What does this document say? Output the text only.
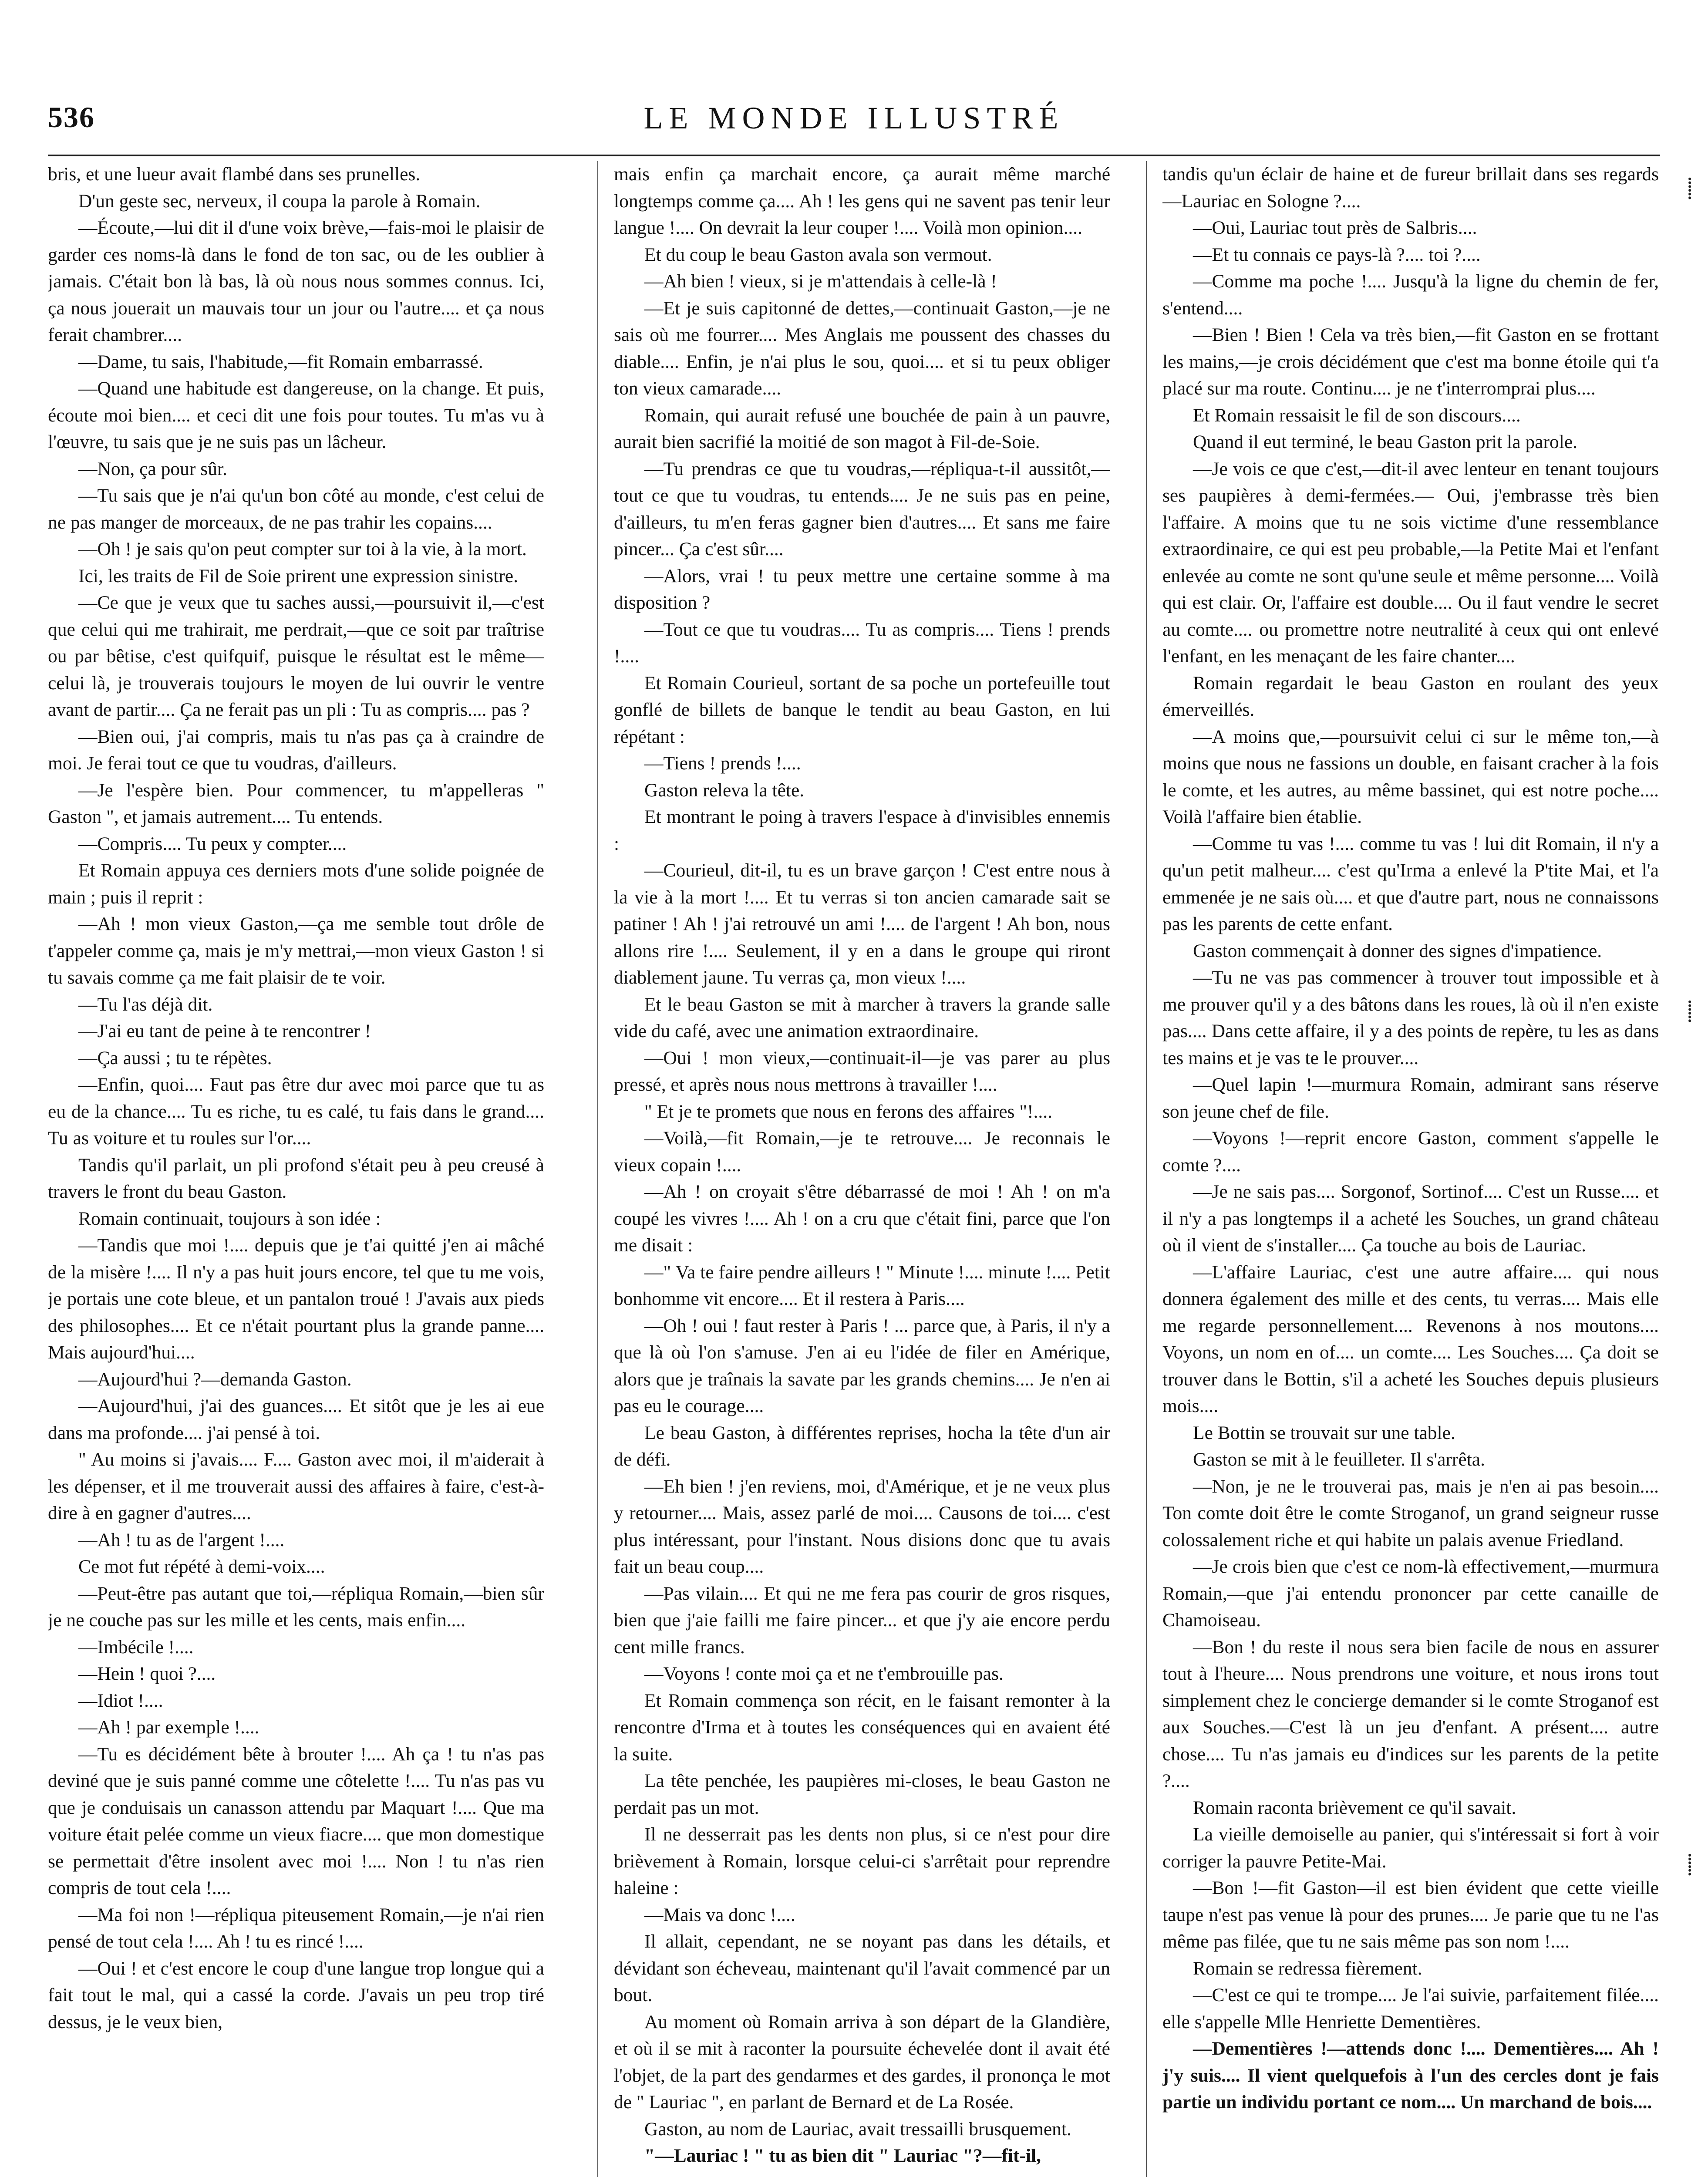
536	LE MONDE ILLUSTRÉ

bris, et une lueur avait flambé dans ses prunelles.

D'un geste sec, nerveux, il coupa la parole à Romain.

—Écoute,—lui dit il d'une voix brève,—fais-moi le plaisir de garder ces noms-là dans le fond de ton sac, ou de les oublier à jamais. C'était bon là bas, là où nous nous sommes connus. Ici, ça nous jouerait un mauvais tour un jour ou l'autre.... et ça nous ferait chambrer....

—Dame, tu sais, l'habitude,—fit Romain embarrassé.

—Quand une habitude est dangereuse, on la change. Et puis, écoute moi bien.... et ceci dit une fois pour toutes. Tu m'as vu à l'œuvre, tu sais que je ne suis pas un lâcheur.

—Non, ça pour sûr.

—Tu sais que je n'ai qu'un bon côté au monde, c'est celui de ne pas manger de morceaux, de ne pas trahir les copains....

—Oh ! je sais qu'on peut compter sur toi à la vie, à la mort.

Ici, les traits de Fil de Soie prirent une expression sinistre.

—Ce que je veux que tu saches aussi,—poursuivit il,—c'est que celui qui me trahirait, me perdrait,—que ce soit par traîtrise ou par bêtise, c'est quifquif, puisque le résultat est le même—celui là, je trouverais toujours le moyen de lui ouvrir le ventre avant de partir.... Ça ne ferait pas un pli : Tu as compris.... pas ?

—Bien oui, j'ai compris, mais tu n'as pas ça à craindre de moi. Je ferai tout ce que tu voudras, d'ailleurs.

—Je l'espère bien. Pour commencer, tu m'appelleras " Gaston ", et jamais autrement.... Tu entends.

—Compris.... Tu peux y compter....

Et Romain appuya ces derniers mots d'une solide poignée de main ; puis il reprit :

—Ah ! mon vieux Gaston,—ça me semble tout drôle de t'appeler comme ça, mais je m'y mettrai,—mon vieux Gaston ! si tu savais comme ça me fait plaisir de te voir.

—Tu l'as déjà dit.

—J'ai eu tant de peine à te rencontrer !

—Ça aussi ; tu te répètes.

—Enfin, quoi.... Faut pas être dur avec moi parce que tu as eu de la chance.... Tu es riche, tu es calé, tu fais dans le grand.... Tu as voiture et tu roules sur l'or....

Tandis qu'il parlait, un pli profond s'était peu à peu creusé à travers le front du beau Gaston.

Romain continuait, toujours à son idée :

—Tandis que moi !.... depuis que je t'ai quitté j'en ai mâché de la misère !.... Il n'y a pas huit jours encore, tel que tu me vois, je portais une cote bleue, et un pantalon troué ! J'avais aux pieds des philosophes.... Et ce n'était pourtant plus la grande panne.... Mais aujourd'hui....

—Aujourd'hui ?—demanda Gaston.

—Aujourd'hui, j'ai des guances.... Et sitôt que je les ai eue dans ma profonde.... j'ai pensé à toi.

" Au moins si j'avais.... F.... Gaston avec moi, il m'aiderait à les dépenser, et il me trouverait aussi des affaires à faire, c'est-à-dire à en gagner d'autres....

—Ah ! tu as de l'argent !....

Ce mot fut répété à demi-voix....

—Peut-être pas autant que toi,—répliqua Romain,—bien sûr je ne couche pas sur les mille et les cents, mais enfin....

—Imbécile !....

—Hein ! quoi ?....

—Idiot !....

—Ah ! par exemple !....

—Tu es décidément bête à brouter !.... Ah ça ! tu n'as pas deviné que je suis panné comme une côtelette !.... Tu n'as pas vu que je conduisais un canasson attendu par Maquart !.... Que ma voiture était pelée comme un vieux fiacre.... que mon domestique se permettait d'être insolent avec moi !.... Non ! tu n'as rien compris de tout cela !....

—Ma foi non !—répliqua piteusement Romain,—je n'ai rien pensé de tout cela !.... Ah ! tu es rincé !....

—Oui ! et c'est encore le coup d'une langue trop longue qui a fait tout le mal, qui a cassé la corde. J'avais un peu trop tiré dessus, je le veux bien,

mais enfin ça marchait encore, ça aurait même marché longtemps comme ça.... Ah ! les gens qui ne savent pas tenir leur langue !.... On devrait la leur couper !.... Voilà mon opinion....

Et du coup le beau Gaston avala son vermout.

—Ah bien ! vieux, si je m'attendais à celle-là !

—Et je suis capitonné de dettes,—continuait Gaston,—je ne sais où me fourrer.... Mes Anglais me poussent des chasses du diable.... Enfin, je n'ai plus le sou, quoi.... et si tu peux obliger ton vieux camarade....

Romain, qui aurait refusé une bouchée de pain à un pauvre, aurait bien sacrifié la moitié de son magot à Fil-de-Soie.

—Tu prendras ce que tu voudras,—répliqua-t-il aussitôt,—tout ce que tu voudras, tu entends.... Je ne suis pas en peine, d'ailleurs, tu m'en feras gagner bien d'autres.... Et sans me faire pincer... Ça c'est sûr....

—Alors, vrai ! tu peux mettre une certaine somme à ma disposition ?

—Tout ce que tu voudras.... Tu as compris.... Tiens ! prends !....

Et Romain Courieul, sortant de sa poche un portefeuille tout gonflé de billets de banque le tendit au beau Gaston, en lui répétant :

—Tiens ! prends !....

Gaston releva la tête.

Et montrant le poing à travers l'espace à d'invisibles ennemis :

—Courieul, dit-il, tu es un brave garçon ! C'est entre nous à la vie à la mort !.... Et tu verras si ton ancien camarade sait se patiner ! Ah ! j'ai retrouvé un ami !.... de l'argent ! Ah bon, nous allons rire !.... Seulement, il y en a dans le groupe qui riront diablement jaune. Tu verras ça, mon vieux !....

Et le beau Gaston se mit à marcher à travers la grande salle vide du café, avec une animation extraordinaire.

—Oui ! mon vieux,—continuait-il—je vas parer au plus pressé, et après nous nous mettrons à travailler !....

" Et je te promets que nous en ferons des affaires "!....

—Voilà,—fit Romain,—je te retrouve.... Je reconnais le vieux copain !....

—Ah ! on croyait s'être débarrassé de moi ! Ah ! on m'a coupé les vivres !.... Ah ! on a cru que c'était fini, parce que l'on me disait :

—" Va te faire pendre ailleurs ! " Minute !.... minute !.... Petit bonhomme vit encore.... Et il restera à Paris....

—Oh ! oui ! faut rester à Paris ! ... parce que, à Paris, il n'y a que là où l'on s'amuse. J'en ai eu l'idée de filer en Amérique, alors que je traînais la savate par les grands chemins.... Je n'en ai pas eu le courage....

Le beau Gaston, à différentes reprises, hocha la tête d'un air de défi.

—Eh bien ! j'en reviens, moi, d'Amérique, et je ne veux plus y retourner.... Mais, assez parlé de moi.... Causons de toi.... c'est plus intéressant, pour l'instant. Nous disions donc que tu avais fait un beau coup....

—Pas vilain.... Et qui ne me fera pas courir de gros risques, bien que j'aie failli me faire pincer... et que j'y aie encore perdu cent mille francs.

—Voyons ! conte moi ça et ne t'embrouille pas.

Et Romain commença son récit, en le faisant remonter à la rencontre d'Irma et à toutes les conséquences qui en avaient été la suite.

La tête penchée, les paupières mi-closes, le beau Gaston ne perdait pas un mot.

Il ne desserrait pas les dents non plus, si ce n'est pour dire brièvement à Romain, lorsque celui-ci s'arrêtait pour reprendre haleine :

—Mais va donc !....

Il allait, cependant, ne se noyant pas dans les détails, et dévidant son écheveau, maintenant qu'il l'avait commencé par un bout.

Au moment où Romain arriva à son départ de la Glandière, et où il se mit à raconter la poursuite échevelée dont il avait été l'objet, de la part des gendarmes et des gardes, il prononça le mot de " Lauriac ", en parlant de Bernard et de La Rosée.

Gaston, au nom de Lauriac, avait tressailli brusquement.

"—Lauriac ! " tu as bien dit " Lauriac "?—fit-il,

tandis qu'un éclair de haine et de fureur brillait dans ses regards—Lauriac en Sologne ?....

—Oui, Lauriac tout près de Salbris....

—Et tu connais ce pays-là ?.... toi ?....

—Comme ma poche !.... Jusqu'à la ligne du chemin de fer, s'entend....

—Bien ! Bien ! Cela va très bien,—fit Gaston en se frottant les mains,—je crois décidément que c'est ma bonne étoile qui t'a placé sur ma route. Continu.... je ne t'interromprai plus....

Et Romain ressaisit le fil de son discours....

Quand il eut terminé, le beau Gaston prit la parole.

—Je vois ce que c'est,—dit-il avec lenteur en tenant toujours ses paupières à demi-fermées.— Oui, j'embrasse très bien l'affaire. A moins que tu ne sois victime d'une ressemblance extraordinaire, ce qui est peu probable,—la Petite Mai et l'enfant enlevée au comte ne sont qu'une seule et même personne.... Voilà qui est clair. Or, l'affaire est double.... Ou il faut vendre le secret au comte.... ou promettre notre neutralité à ceux qui ont enlevé l'enfant, en les menaçant de les faire chanter....

Romain regardait le beau Gaston en roulant des yeux émerveillés.

—A moins que,—poursuivit celui ci sur le même ton,—à moins que nous ne fassions un double, en faisant cracher à la fois le comte, et les autres, au même bassinet, qui est notre poche.... Voilà l'affaire bien établie.

—Comme tu vas !.... comme tu vas ! lui dit Romain, il n'y a qu'un petit malheur.... c'est qu'Irma a enlevé la P'tite Mai, et l'a emmenée je ne sais où.... et que d'autre part, nous ne connaissons pas les parents de cette enfant.

Gaston commençait à donner des signes d'impatience.

—Tu ne vas pas commencer à trouver tout impossible et à me prouver qu'il y a des bâtons dans les roues, là où il n'en existe pas.... Dans cette affaire, il y a des points de repère, tu les as dans tes mains et je vas te le prouver....

—Quel lapin !—murmura Romain, admirant sans réserve son jeune chef de file.

—Voyons !—reprit encore Gaston, comment s'appelle le comte ?....

—Je ne sais pas.... Sorgonof, Sortinof.... C'est un Russe.... et il n'y a pas longtemps il a acheté les Souches, un grand château où il vient de s'installer.... Ça touche au bois de Lauriac.

—L'affaire Lauriac, c'est une autre affaire.... qui nous donnera également des mille et des cents, tu verras.... Mais elle me regarde personnellement.... Revenons à nos moutons.... Voyons, un nom en of.... un comte.... Les Souches.... Ça doit se trouver dans le Bottin, s'il a acheté les Souches depuis plusieurs mois....

Le Bottin se trouvait sur une table.

Gaston se mit à le feuilleter. Il s'arrêta.

—Non, je ne le trouverai pas, mais je n'en ai pas besoin.... Ton comte doit être le comte Stroganof, un grand seigneur russe colossalement riche et qui habite un palais avenue Friedland.

—Je crois bien que c'est ce nom-là effectivement,—murmura Romain,—que j'ai entendu prononcer par cette canaille de Chamoiseau.

—Bon ! du reste il nous sera bien facile de nous en assurer tout à l'heure.... Nous prendrons une voiture, et nous irons tout simplement chez le concierge demander si le comte Stroganof est aux Souches.—C'est là un jeu d'enfant. A présent.... autre chose.... Tu n'as jamais eu d'indices sur les parents de la petite ?....

Romain raconta brièvement ce qu'il savait.

La vieille demoiselle au panier, qui s'intéressait si fort à voir corriger la pauvre Petite-Mai.

—Bon !—fit Gaston—il est bien évident que cette vieille taupe n'est pas venue là pour des prunes.... Je parie que tu ne l'as même pas filée, que tu ne sais même pas son nom !....

Romain se redressa fièrement.

—C'est ce qui te trompe.... Je l'ai suivie, parfaitement filée.... elle s'appelle Mlle Henriette Dementières.

—Dementières !—attends donc !.... Dementières.... Ah ! j'y suis.... Il vient quelquefois à l'un des cercles dont je fais partie un individu portant ce nom.... Un marchand de bois....

⸽
⸽
⸽
